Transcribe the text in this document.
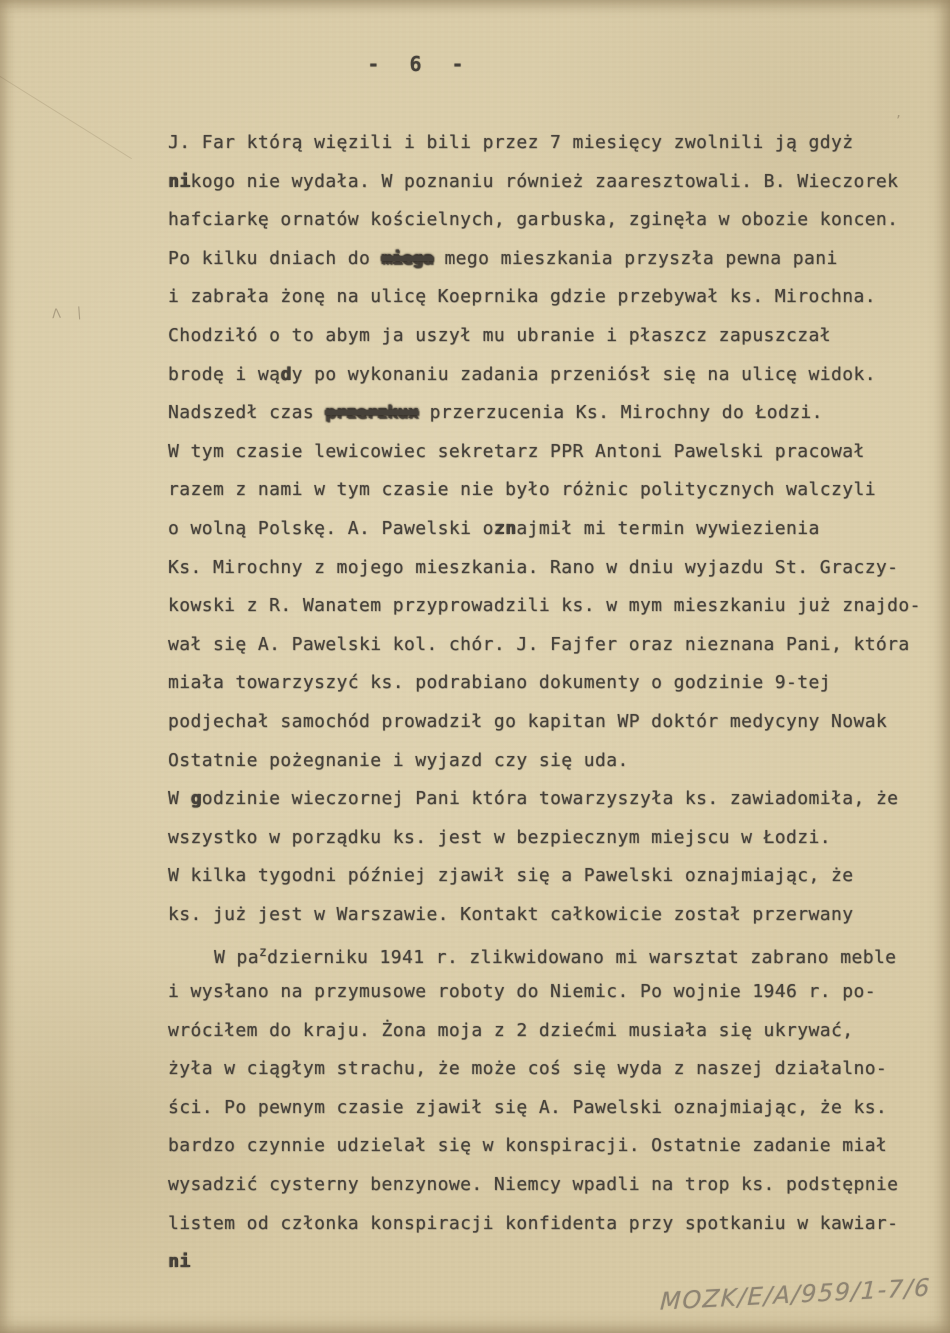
- 6 -
J. Far którą więzili i bili przez 7 miesięcy zwolnili ją gdyż
nikogo nie wydała. W poznaniu również zaaresztowali. B. Wieczorek
hafciarkę ornatów kościelnych, garbuska, zginęła w obozie koncen.
Po kilku dniach do miega mego mieszkania przyszła pewna pani
i zabrała żonę na ulicę Koeprnika gdzie przebywał ks. Mirochna.
Chodziłó o to abym ja uszył mu ubranie i płaszcz zapuszczał
brodę i wądy po wykonaniu zadania przeniósł się na ulicę widok.
Nadszedł czas przerzkux przerzucenia Ks. Mirochny do Łodzi.
W tym czasie lewicowiec sekretarz PPR Antoni Pawelski pracował
razem z nami w tym czasie nie było różnic politycznych walczyli
o wolną Polskę. A. Pawelski oznajmił mi termin wywiezienia
Ks. Mirochny z mojego mieszkania. Rano w dniu wyjazdu St. Graczy-
kowski z R. Wanatem przyprowadzili ks. w mym mieszkaniu już znajdo-
wał się A. Pawelski kol. chór. J. Fajfer oraz nieznana Pani, która
miała towarzyszyć ks. podrabiano dokumenty o godzinie 9-tej
podjechał samochód prowadził go kapitan WP doktór medycyny Nowak
Ostatnie pożegnanie i wyjazd czy się uda.
W godzinie wieczornej Pani która towarzyszyła ks. zawiadomiła, że
wszystko w porządku ks. jest w bezpiecznym miejscu w Łodzi.
W kilka tygodni później zjawił się a Pawelski oznajmiając, że
ks. już jest w Warszawie. Kontakt całkowicie został przerwany
W $pa^zdzierniku$ 1941 r. zlikwidowano mi warsztat zabrano meble
i wysłano na przymusowe roboty do Niemic. Po wojnie 1946 r. po-
wróciłem do kraju. Żona moja z 2 dziećmi musiała się ukrywać,
żyła w ciągłym strachu, że może coś się wyda z naszej działalno-
ści. Po pewnym czasie zjawił się A. Pawelski oznajmiając, że ks.
bardzo czynnie udzielał się w konspiracji. Ostatnie zadanie miał
wysadzić cysterny benzynowe. Niemcy wpadli na trop ks. podstępnie
listem od członka konspiracji konfidenta przy spotkaniu w kawiar-
ni
Λ |
’
MOZK/E/A/959/1-7/6
